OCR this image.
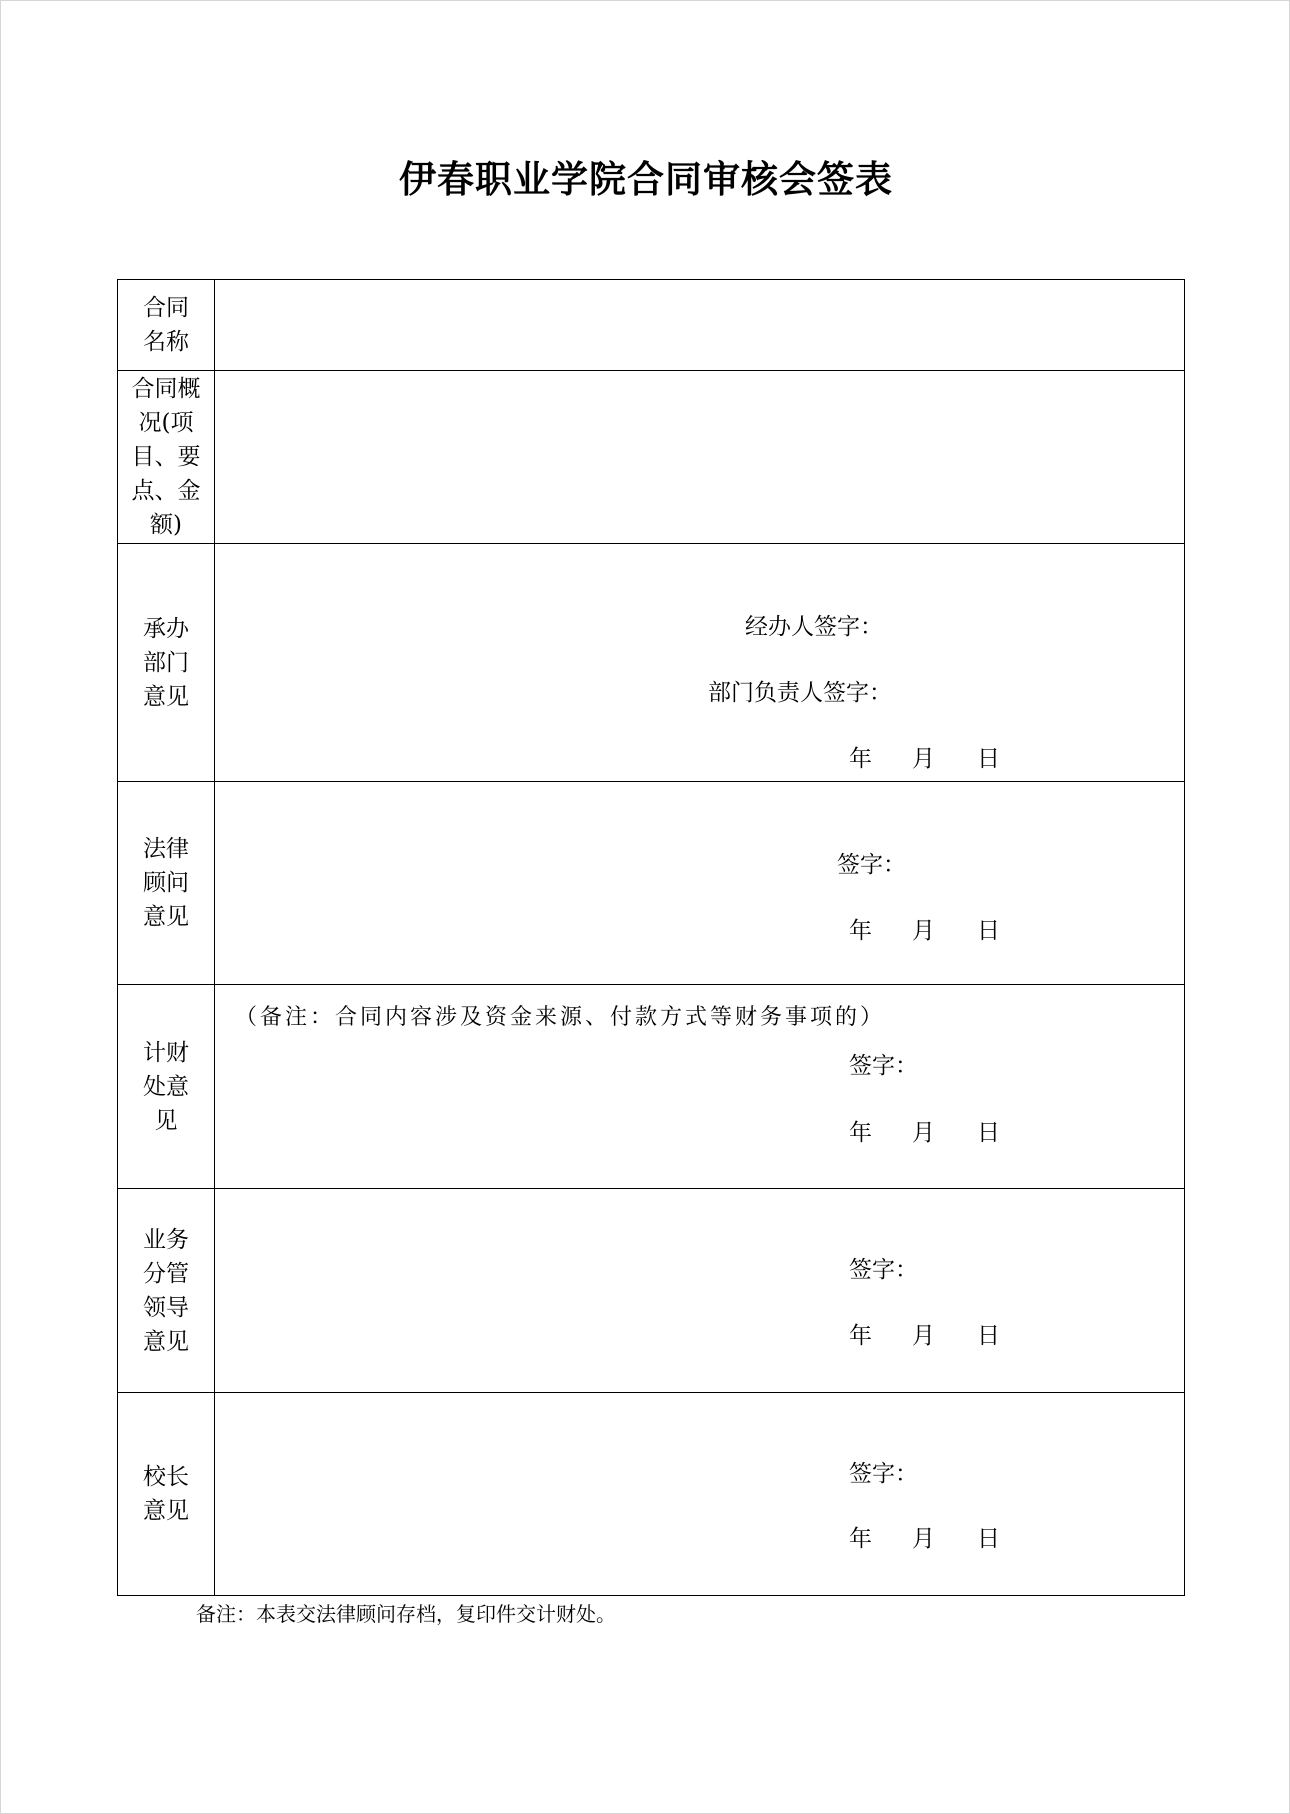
伊春职业学院合同审核会签表
合同名称	
合同概况(项目、要点、金额)	
承办部门意见	经办人签字：
部门负责人签字：
年 月 日

法律顾问意见	签字：
年 月 日

计财处意见	（备注：合同内容涉及资金来源、付款方式等财务事项的）
签字：
年 月 日

业务分管领导意见	签字：
年 月 日

校长意见	签字：
年 月 日
备注：本表交法律顾问存档，复印件交计财处。
